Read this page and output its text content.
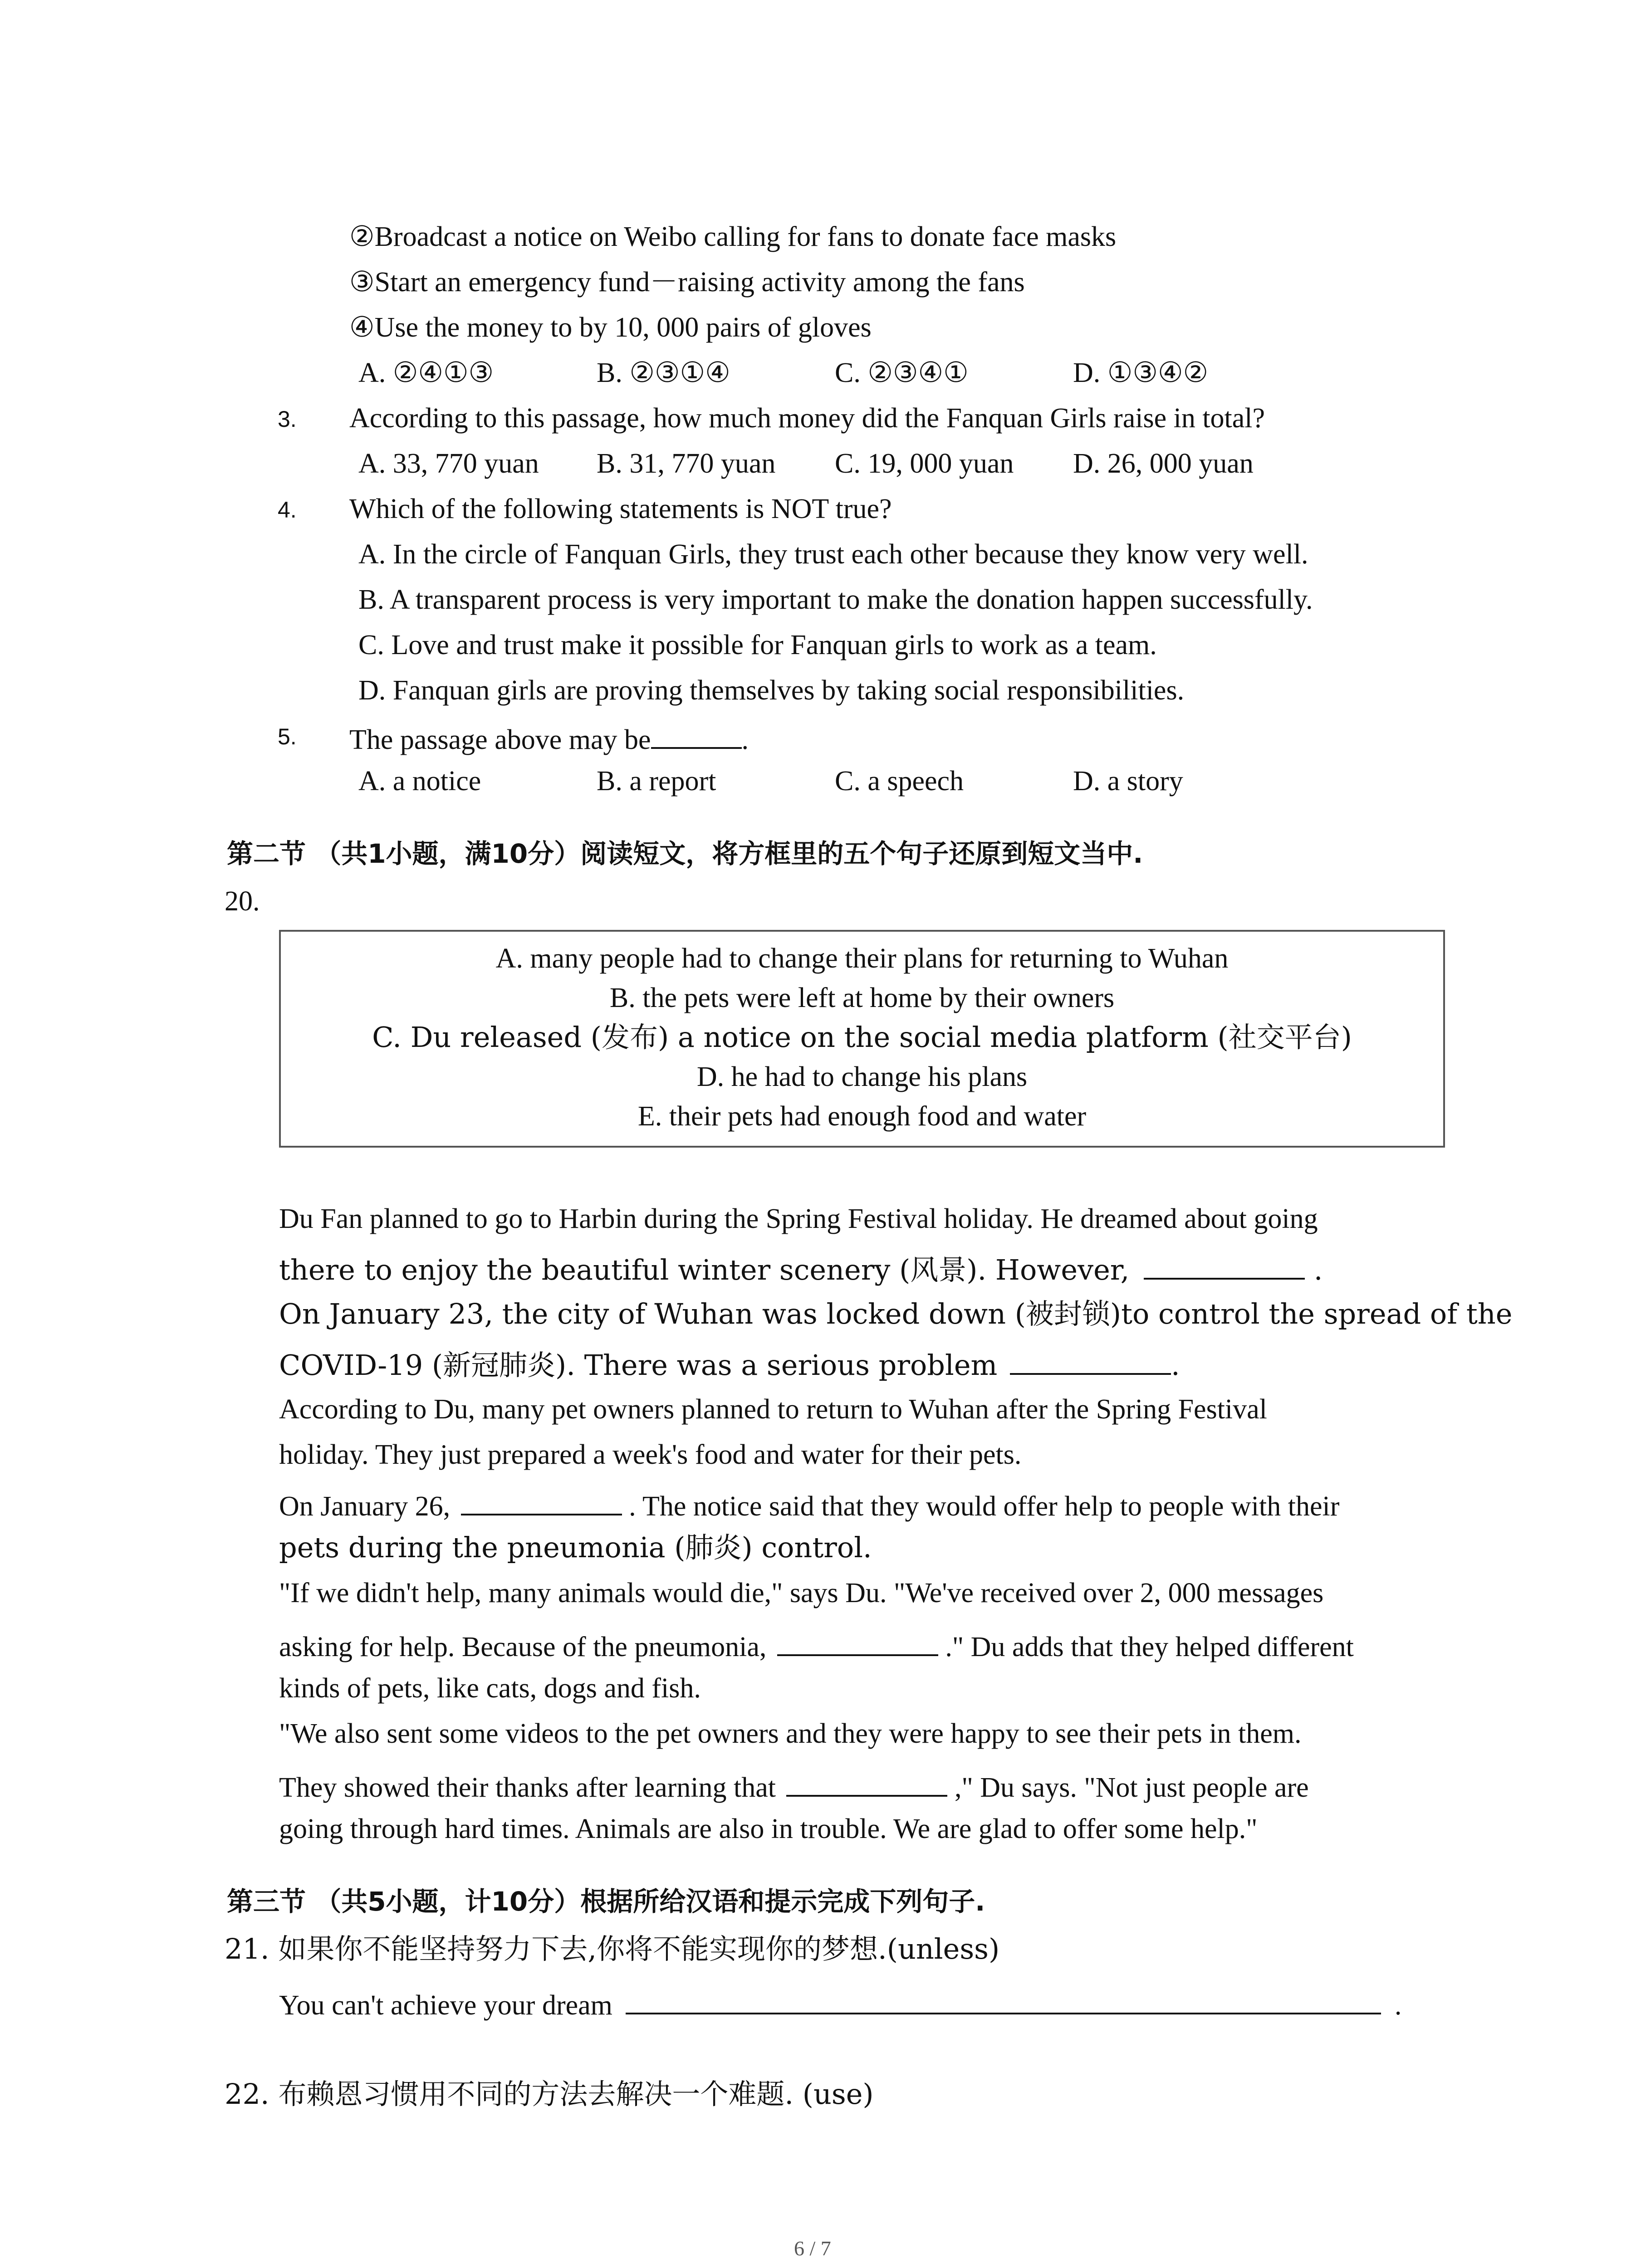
②Broadcast a notice on Weibo calling for fans to donate face masks
③Start an emergency fund－raising activity among the fans
④Use the money to by 10, 000 pairs of gloves
A. ②④①③	B. ②③①④	C. ②③④①	D. ①③④②
3. According to this passage, how much money did the Fanquan Girls raise in total?
A. 33, 770 yuan B. 31, 770 yuan C. 19, 000 yuan D. 26, 000 yuan
4. Which of the following statements is NOT true?
A. In the circle of Fanquan Girls, they trust each other because they know very well.
B. A transparent process is very important to make the donation happen successfully.
C. Love and trust make it possible for Fanquan girls to work as a team.
D. Fanquan girls are proving themselves by taking social responsibilities.
5. The passage above may be	.
A. a notice	B. a report	C. a speech	D. a story
第二节 （共1小题，满10分）阅读短文，将方框里的五个句子还原到短文当中.
20.
A. many people had to change their plans for returning to Wuhan
B. the pets were left at home by their owners
C. Du released (发布) a notice on the social media platform (社交平台)
D. he had to change his plans
E. their pets had enough food and water
Du Fan planned to go to Harbin during the Spring Festival holiday. He dreamed about going
there to enjoy the beautiful winter scenery (风景). However,	.
On January 23, the city of Wuhan was locked down (被封锁)to control the spread of the
COVID-19 (新冠肺炎). There was a serious problem	.
According to Du, many pet owners planned to return to Wuhan after the Spring Festival
holiday. They just prepared a week's food and water for their pets.
On January 26,	. The notice said that they would offer help to people with their
pets during the pneumonia (肺炎) control.
"If we didn't help, many animals would die," says Du. "We've received over 2, 000 messages
asking for help. Because of the pneumonia,	." Du adds that they helped different
kinds of pets, like cats, dogs and fish.
"We also sent some videos to the pet owners and they were happy to see their pets in them.
They showed their thanks after learning that	," Du says. "Not just people are
going through hard times. Animals are also in trouble. We are glad to offer some help."
第三节 （共5小题，计10分）根据所给汉语和提示完成下列句子.
21. 如果你不能坚持努力下去,你将不能实现你的梦想.(unless)
You can't achieve your dream	.
22. 布赖恩习惯用不同的方法去解决一个难题. (use)
6 / 7
